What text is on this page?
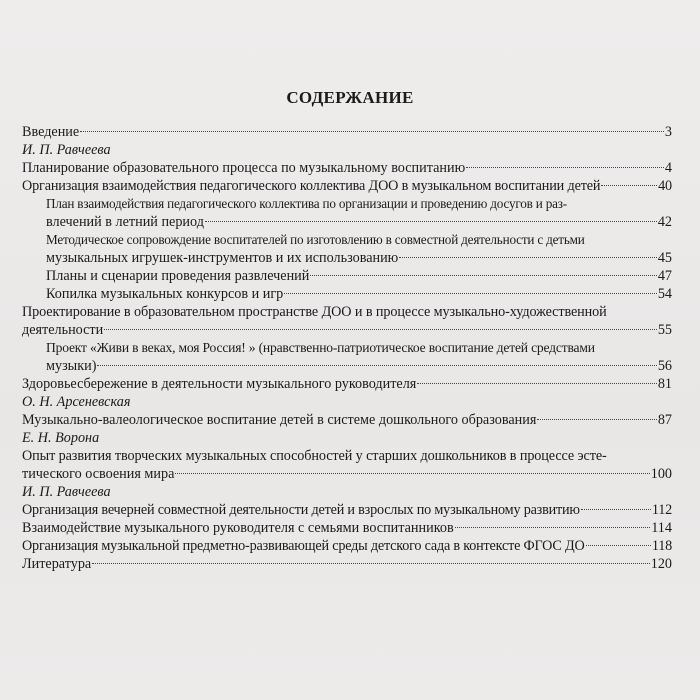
СОДЕРЖАНИЕ
Введение	3
И. П. Равчеева
Планирование образовательного процесса по музыкальному воспитанию	4
Организация взаимодействия педагогического коллектива ДОО в музыкальном воспитании детей	40
План взаимодействия педагогического коллектива по организации и проведению досугов и раз-
влечений в летний период	42
Методическое сопровождение воспитателей по изготовлению в совместной деятельности с детьми
музыкальных игрушек-инструментов и их использованию	45
Планы и сценарии проведения развлечений	47
Копилка музыкальных конкурсов и игр	54
Проектирование в образовательном пространстве ДОО и в процессе музыкально-художественной
деятельности	55
Проект «Живи в веках, моя Россия! » (нравственно-патриотическое воспитание детей средствами
музыки)	56
Здоровьесбережение в деятельности музыкального руководителя	81
О. Н. Арсеневская
Музыкально-валеологическое воспитание детей в системе дошкольного образования	87
Е. Н. Ворона
Опыт развития творческих музыкальных способностей у старших дошкольников в процессе эсте-
тического освоения мира	100
И. П. Равчеева
Организация вечерней совместной деятельности детей и взрослых по музыкальному развитию	112
Взаимодействие музыкального руководителя с семьями воспитанников	114
Организация музыкальной предметно-развивающей среды детского сада в контексте ФГОС ДО	118
Литература	120
